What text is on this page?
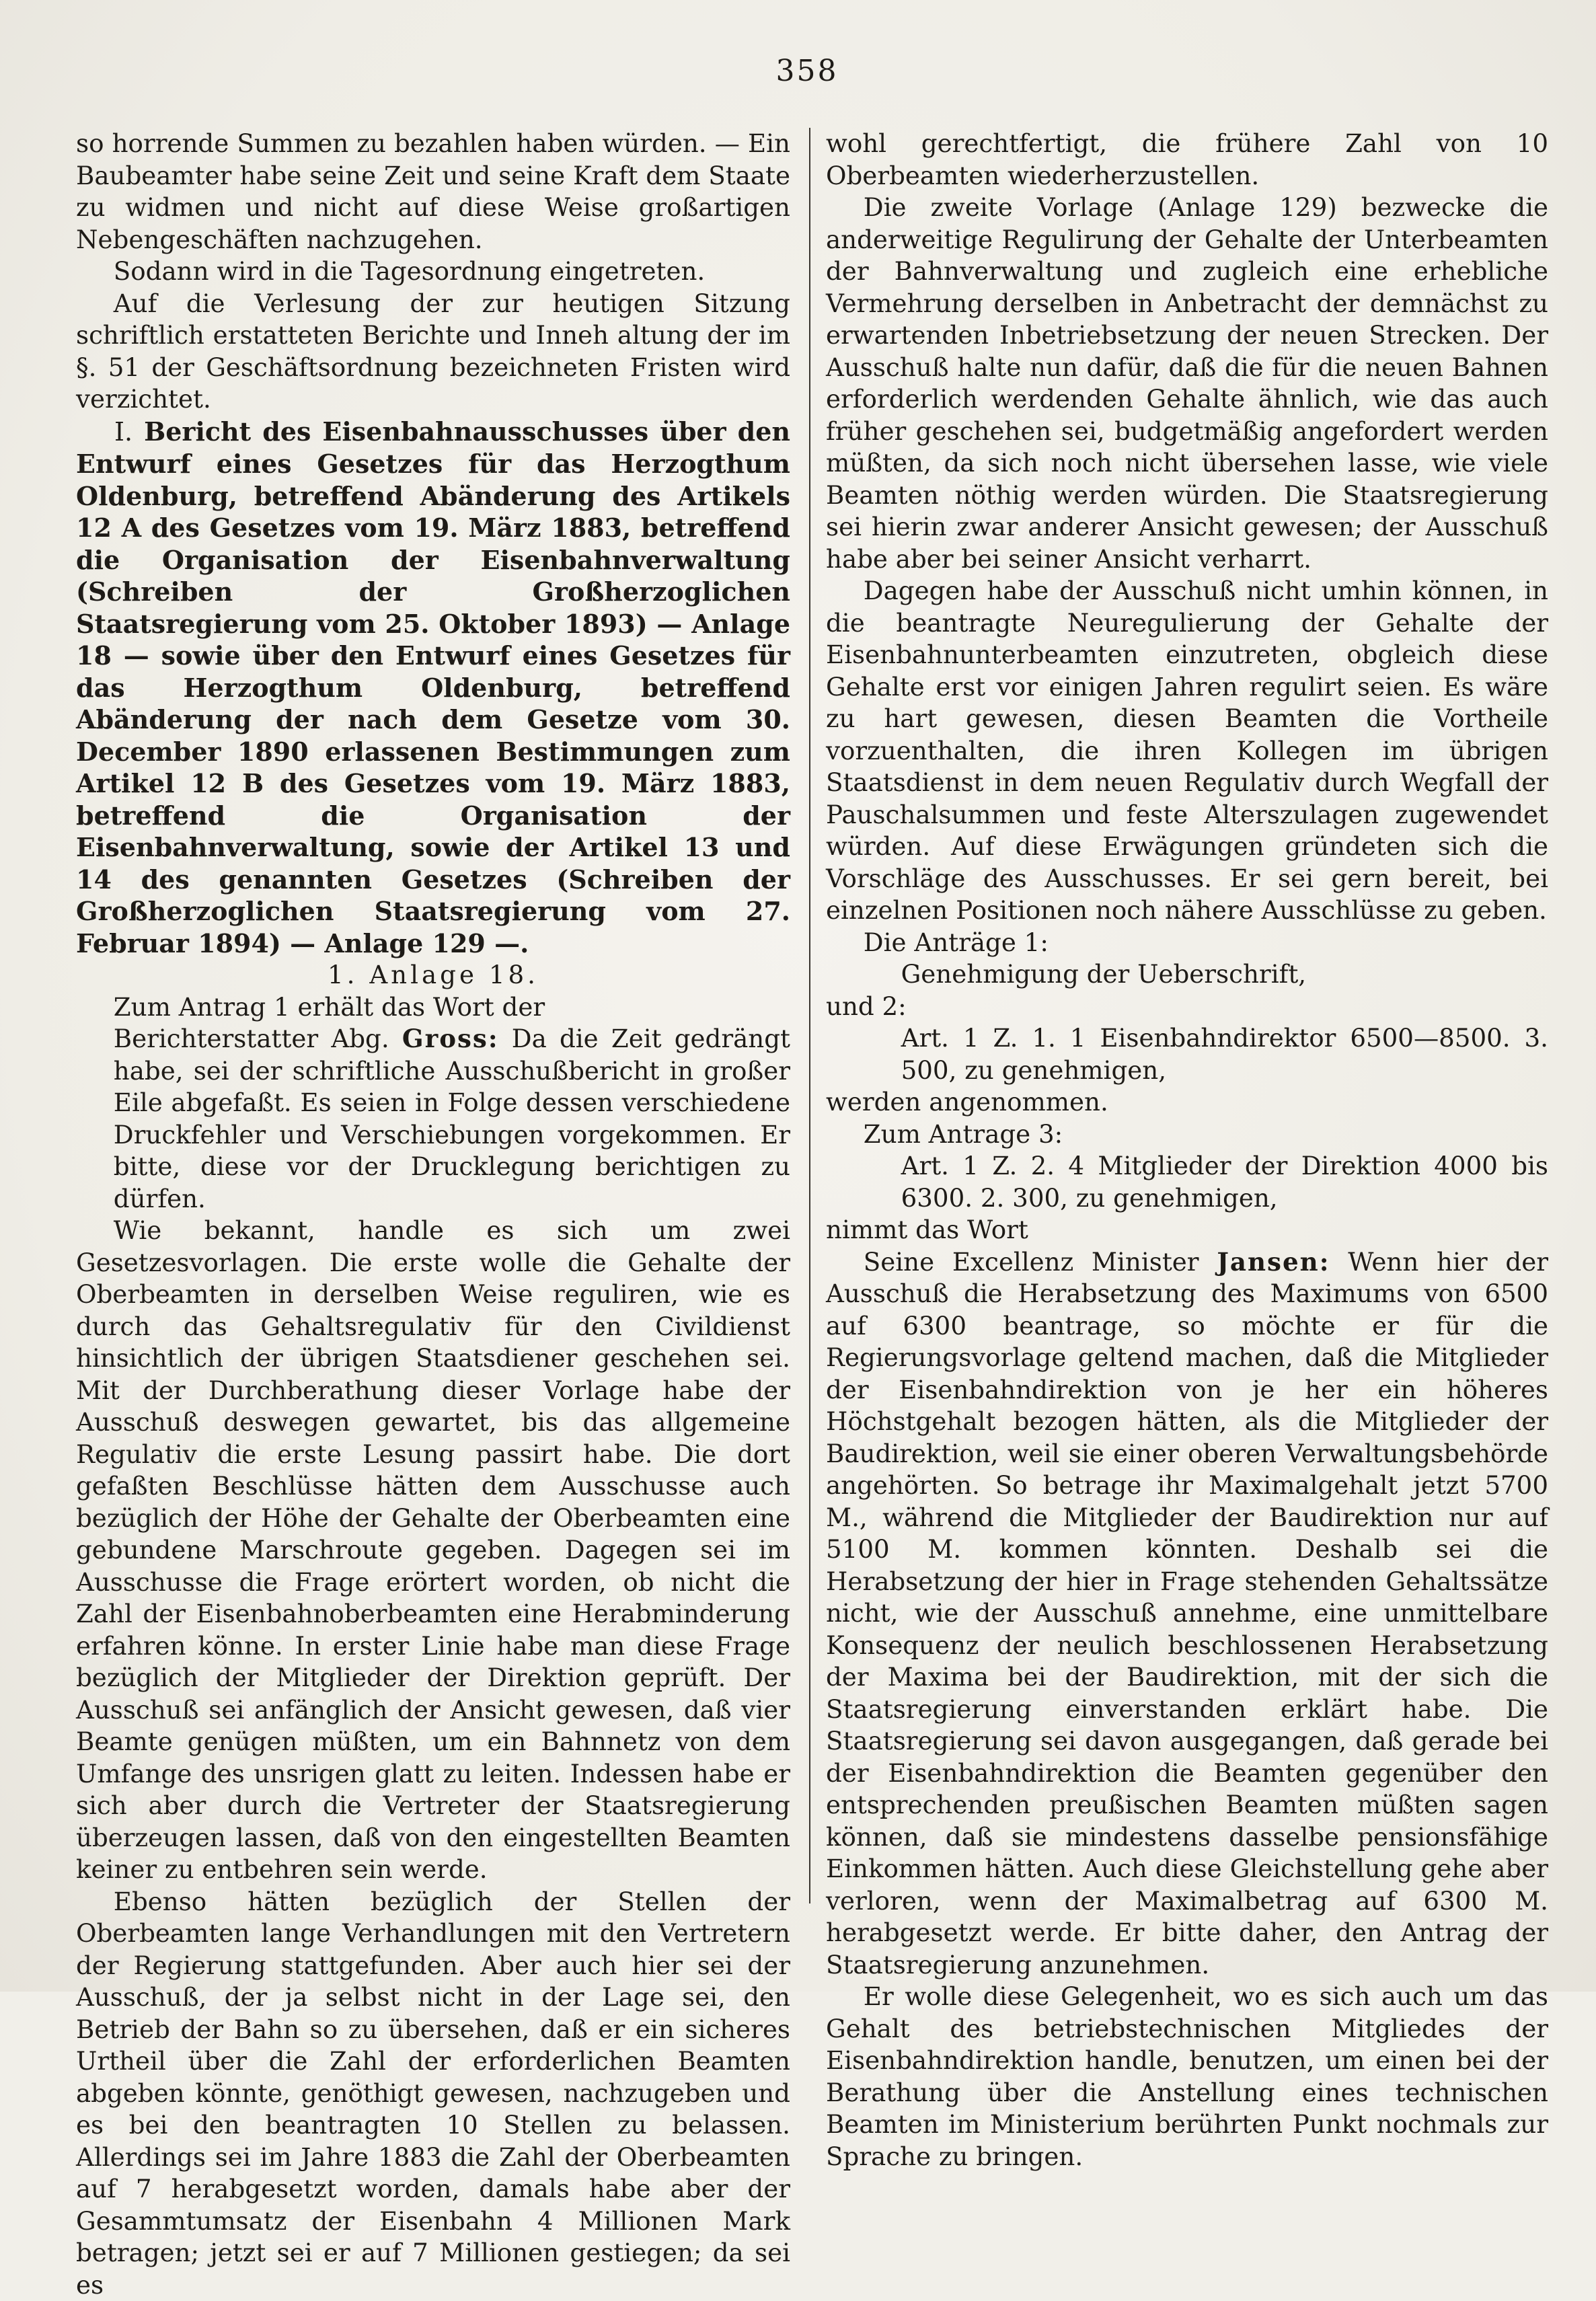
358

so horrende Summen zu bezahlen haben würden. — Ein Baubeamter habe seine Zeit und seine Kraft dem Staate zu widmen und nicht auf diese Weise großartigen Nebengeschäften nachzugehen.

Sodann wird in die Tagesordnung eingetreten.

Auf die Verlesung der zur heutigen Sitzung schriftlich erstatteten Berichte und Inneh altung der im §. 51 der Geschäftsordnung bezeichneten Fristen wird verzichtet.

I. Bericht des Eisenbahnausschusses über den Entwurf eines Gesetzes für das Herzogthum Oldenburg, betreffend Abänderung des Artikels 12 A des Gesetzes vom 19. März 1883, betreffend die Organisation der Eisenbahnverwaltung (Schreiben der Großherzoglichen Staatsregierung vom 25. Oktober 1893) — Anlage 18 — sowie über den Entwurf eines Gesetzes für das Herzogthum Oldenburg, betreffend Abänderung der nach dem Gesetze vom 30. December 1890 erlassenen Bestimmungen zum Artikel 12 B des Gesetzes vom 19. März 1883, betreffend die Organisation der Eisenbahnverwaltung, sowie der Artikel 13 und 14 des genannten Gesetzes (Schreiben der Großherzoglichen Staatsregierung vom 27. Februar 1894) — Anlage 129 —.

1. Anlage 18.

Zum Antrag 1 erhält das Wort der

Berichterstatter Abg. Gross: Da die Zeit gedrängt habe, sei der schriftliche Ausschußbericht in großer Eile abgefaßt. Es seien in Folge dessen verschiedene Druckfehler und Verschiebungen vorgekommen. Er bitte, diese vor der Drucklegung berichtigen zu dürfen.

Wie bekannt, handle es sich um zwei Gesetzesvorlagen. Die erste wolle die Gehalte der Oberbeamten in derselben Weise reguliren, wie es durch das Gehaltsregulativ für den Civildienst hinsichtlich der übrigen Staatsdiener geschehen sei. Mit der Durchberathung dieser Vorlage habe der Ausschuß deswegen gewartet, bis das allgemeine Regulativ die erste Lesung passirt habe. Die dort gefaßten Beschlüsse hätten dem Ausschusse auch bezüglich der Höhe der Gehalte der Oberbeamten eine gebundene Marschroute gegeben. Dagegen sei im Ausschusse die Frage erörtert worden, ob nicht die Zahl der Eisenbahnoberbeamten eine Herabminderung erfahren könne. In erster Linie habe man diese Frage bezüglich der Mitglieder der Direktion geprüft. Der Ausschuß sei anfänglich der Ansicht gewesen, daß vier Beamte genügen müßten, um ein Bahnnetz von dem Umfange des unsrigen glatt zu leiten. Indessen habe er sich aber durch die Vertreter der Staatsregierung überzeugen lassen, daß von den eingestellten Beamten keiner zu entbehren sein werde.

Ebenso hätten bezüglich der Stellen der Oberbeamten lange Verhandlungen mit den Vertretern der Regierung stattgefunden. Aber auch hier sei der Ausschuß, der ja selbst nicht in der Lage sei, den Betrieb der Bahn so zu übersehen, daß er ein sicheres Urtheil über die Zahl der erforderlichen Beamten abgeben könnte, genöthigt gewesen, nachzugeben und es bei den beantragten 10 Stellen zu belassen. Allerdings sei im Jahre 1883 die Zahl der Oberbeamten auf 7 herabgesetzt worden, damals habe aber der Gesammtumsatz der Eisenbahn 4 Millionen Mark betragen; jetzt sei er auf 7 Millionen gestiegen; da sei es

wohl gerechtfertigt, die frühere Zahl von 10 Oberbeamten wiederherzustellen.

Die zweite Vorlage (Anlage 129) bezwecke die anderweitige Regulirung der Gehalte der Unterbeamten der Bahnverwaltung und zugleich eine erhebliche Vermehrung derselben in Anbetracht der demnächst zu erwartenden Inbetriebsetzung der neuen Strecken. Der Ausschuß halte nun dafür, daß die für die neuen Bahnen erforderlich werdenden Gehalte ähnlich, wie das auch früher geschehen sei, budgetmäßig angefordert werden müßten, da sich noch nicht übersehen lasse, wie viele Beamten nöthig werden würden. Die Staatsregierung sei hierin zwar anderer Ansicht gewesen; der Ausschuß habe aber bei seiner Ansicht verharrt.

Dagegen habe der Ausschuß nicht umhin können, in die beantragte Neuregulierung der Gehalte der Eisenbahnunterbeamten einzutreten, obgleich diese Gehalte erst vor einigen Jahren regulirt seien. Es wäre zu hart gewesen, diesen Beamten die Vortheile vorzuenthalten, die ihren Kollegen im übrigen Staatsdienst in dem neuen Regulativ durch Wegfall der Pauschalsummen und feste Alterszulagen zugewendet würden. Auf diese Erwägungen gründeten sich die Vorschläge des Ausschusses. Er sei gern bereit, bei einzelnen Positionen noch nähere Ausschlüsse zu geben.

Die Anträge 1:

Genehmigung der Ueberschrift,

und 2:

Art. 1 Z. 1. 1 Eisenbahndirektor 6500—8500. 3. 500, zu genehmigen,

werden angenommen.

Zum Antrage 3:

Art. 1 Z. 2. 4 Mitglieder der Direktion 4000 bis 6300. 2. 300, zu genehmigen,

nimmt das Wort

Seine Excellenz Minister Jansen: Wenn hier der Ausschuß die Herabsetzung des Maximums von 6500 auf 6300 beantrage, so möchte er für die Regierungsvorlage geltend machen, daß die Mitglieder der Eisenbahndirektion von je her ein höheres Höchstgehalt bezogen hätten, als die Mitglieder der Baudirektion, weil sie einer oberen Verwaltungsbehörde angehörten. So betrage ihr Maximalgehalt jetzt 5700 M., während die Mitglieder der Baudirektion nur auf 5100 M. kommen könnten. Deshalb sei die Herabsetzung der hier in Frage stehenden Gehaltssätze nicht, wie der Ausschuß annehme, eine unmittelbare Konsequenz der neulich beschlossenen Herabsetzung der Maxima bei der Baudirektion, mit der sich die Staatsregierung einverstanden erklärt habe. Die Staatsregierung sei davon ausgegangen, daß gerade bei der Eisenbahndirektion die Beamten gegenüber den entsprechenden preußischen Beamten müßten sagen können, daß sie mindestens dasselbe pensionsfähige Einkommen hätten. Auch diese Gleichstellung gehe aber verloren, wenn der Maximalbetrag auf 6300 M. herabgesetzt werde. Er bitte daher, den Antrag der Staatsregierung anzunehmen.

Er wolle diese Gelegenheit, wo es sich auch um das Gehalt des betriebstechnischen Mitgliedes der Eisenbahndirektion handle, benutzen, um einen bei der Berathung über die Anstellung eines technischen Beamten im Ministerium berührten Punkt nochmals zur Sprache zu bringen.
